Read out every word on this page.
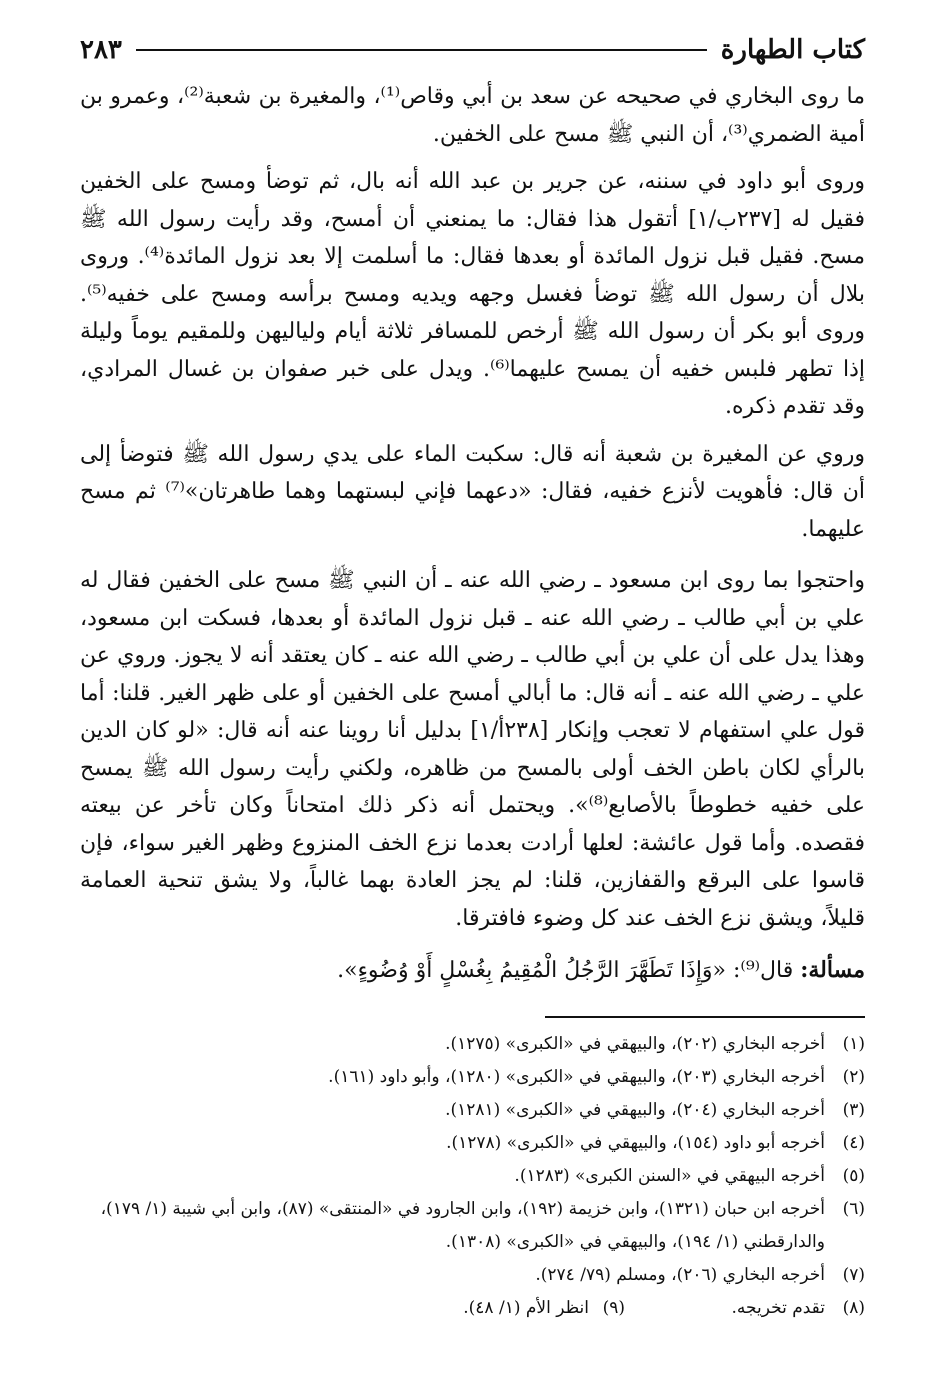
كتاب الطهارة
٢٨٣

ما روى البخاري في صحيحه عن سعد بن أبي وقاص⁽¹⁾، والمغيرة بن شعبة⁽²⁾، وعمرو بن أمية الضمري⁽³⁾، أن النبي ﷺ مسح على الخفين.

وروى أبو داود في سننه، عن جرير بن عبد الله أنه بال، ثم توضأ ومسح على الخفين فقيل له [٢٣٧ب/١] أتقول هذا فقال: ما يمنعني أن أمسح، وقد رأيت رسول الله ﷺ مسح. فقيل قبل نزول المائدة أو بعدها فقال: ما أسلمت إلا بعد نزول المائدة⁽⁴⁾. وروى بلال أن رسول الله ﷺ توضأ فغسل وجهه ويديه ومسح برأسه ومسح على خفيه⁽⁵⁾. وروى أبو بكر أن رسول الله ﷺ أرخص للمسافر ثلاثة أيام ولياليهن وللمقيم يوماً وليلة إذا تطهر فلبس خفيه أن يمسح عليهما⁽⁶⁾. ويدل على خبر صفوان بن غسال المرادي، وقد تقدم ذكره.

وروي عن المغيرة بن شعبة أنه قال: سكبت الماء على يدي رسول الله ﷺ فتوضأ إلى أن قال: فأهويت لأنزع خفيه، فقال: «دعهما فإني لبستهما وهما طاهرتان»⁽⁷⁾ ثم مسح عليهما.

واحتجوا بما روى ابن مسعود ـ رضي الله عنه ـ أن النبي ﷺ مسح على الخفين فقال له علي بن أبي طالب ـ رضي الله عنه ـ قبل نزول المائدة أو بعدها، فسكت ابن مسعود، وهذا يدل على أن علي بن أبي طالب ـ رضي الله عنه ـ كان يعتقد أنه لا يجوز. وروي عن علي ـ رضي الله عنه ـ أنه قال: ما أبالي أمسح على الخفين أو على ظهر الغير. قلنا: أما قول علي استفهام لا تعجب وإنكار [٢٣٨أ/١] بدليل أنا روينا عنه أنه قال: «لو كان الدين بالرأي لكان باطن الخف أولى بالمسح من ظاهره، ولكني رأيت رسول الله ﷺ يمسح على خفيه خطوطاً بالأصابع⁽⁸⁾». ويحتمل أنه ذكر ذلك امتحاناً وكان تأخر عن بيعته فقصده. وأما قول عائشة: لعلها أرادت بعدما نزع الخف المنزوع وظهر الغير سواء، فإن قاسوا على البرقع والقفازين، قلنا: لم يجز العادة بهما غالباً، ولا يشق تنحية العمامة قليلاً، ويشق نزع الخف عند كل وضوء فافترقا.

مسألة: قال⁽⁹⁾: «وَإِذَا تَطَهَّرَ الرَّجُلُ الْمُقِيمُ بِغُسْلٍ أَوْ وُضُوءٍ».

(١)
أخرجه البخاري (٢٠٢)، والبيهقي في «الكبرى» (١٢٧٥).
(٢)
أخرجه البخاري (٢٠٣)، والبيهقي في «الكبرى» (١٢٨٠)، وأبو داود (١٦١).
(٣)
أخرجه البخاري (٢٠٤)، والبيهقي في «الكبرى» (١٢٨١).
(٤)
أخرجه أبو داود (١٥٤)، والبيهقي في «الكبرى» (١٢٧٨).
(٥)
أخرجه البيهقي في «السنن الكبرى» (١٢٨٣).
(٦)
أخرجه ابن حبان (١٣٢١)، وابن خزيمة (١٩٢)، وابن الجارود في «المنتقى» (٨٧)، وابن أبي شيبة (١/ ١٧٩)، والدارقطني (١/ ١٩٤)، والبيهقي في «الكبرى» (١٣٠٨).
(٧)
أخرجه البخاري (٢٠٦)، ومسلم (٧٩/ ٢٧٤).
(٨)
تقدم تخريجه.
(٩)
انظر الأم (١/ ٤٨).
